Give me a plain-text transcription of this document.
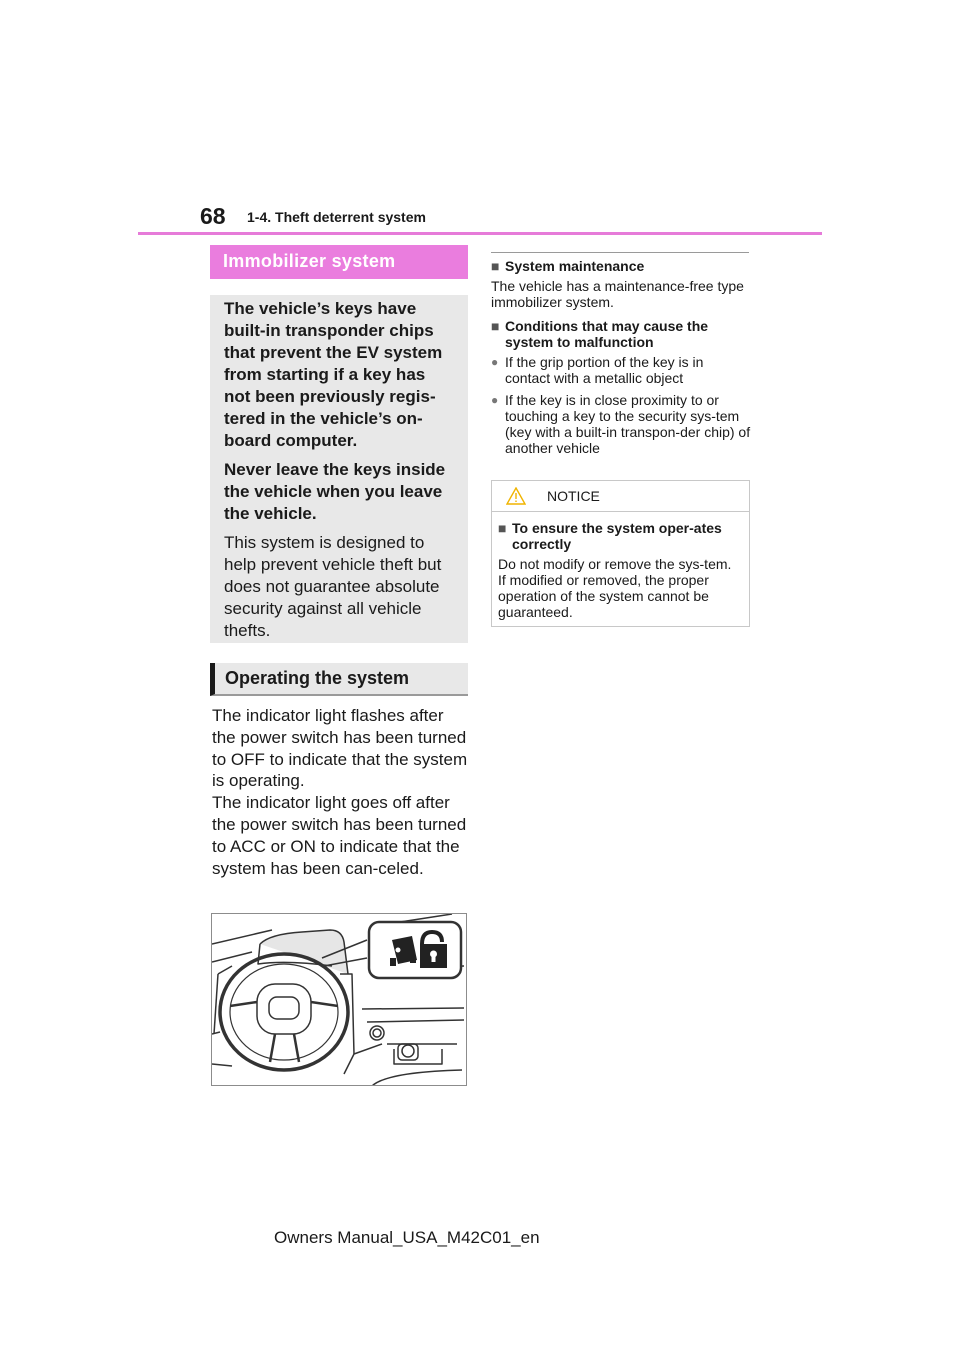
68 1-4. Theft deterrent system
Immobilizer system

The vehicle’s keys have built-in transponder chips that prevent the EV system from starting if a key has not been previously regis-tered in the vehicle’s on-board computer.

Never leave the keys inside the vehicle when you leave the vehicle.

This system is designed to help prevent vehicle theft but does not guarantee absolute security against all vehicle thefts.

Operating the system

The indicator light flashes after the power switch has been turned to OFF to indicate that the system is operating.

The indicator light goes off after the power switch has been turned to ACC or ON to indicate that the system has been can-celed.

■ System maintenance

The vehicle has a maintenance-free type immobilizer system.

■ Conditions that may cause the system to malfunction
● If the grip portion of the key is in contact with a metallic object
● If the key is in close proximity to or touching a key to the security sys-tem (key with a built-in transpon-der chip) of another vehicle
NOTICE
■ To ensure the system oper-ates correctly

Do not modify or remove the sys-tem. If modified or removed, the proper operation of the system cannot be guaranteed.

Owners Manual_USA_M42C01_en
